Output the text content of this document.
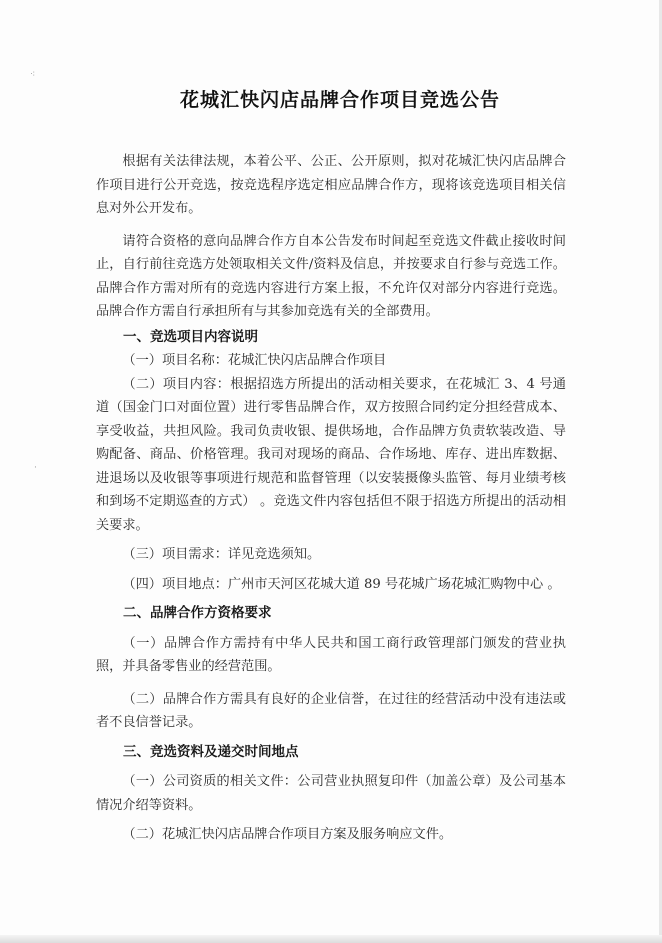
⁖
·
花城汇快闪店品牌合作项目竞选公告

根据有关法律法规，本着公平、公正、公开原则，拟对花城汇快闪店品牌合作项目进行公开竞选，按竞选程序选定相应品牌合作方，现将该竞选项目相关信息对外公开发布。

请符合资格的意向品牌合作方自本公告发布时间起至竞选文件截止接收时间止，自行前往竞选方处领取相关文件/资料及信息，并按要求自行参与竞选工作。品牌合作方需对所有的竞选内容进行方案上报，不允许仅对部分内容进行竞选。品牌合作方需自行承担所有与其参加竞选有关的全部费用。

一、竞选项目内容说明

（一）项目名称：花城汇快闪店品牌合作项目

（二）项目内容：根据招选方所提出的活动相关要求，在花城汇 3、4 号通道（国金门口对面位置）进行零售品牌合作，双方按照合同约定分担经营成本、享受收益，共担风险。我司负责收银、提供场地，合作品牌方负责软装改造、导购配备、商品、价格管理。我司对现场的商品、合作场地、库存、进出库数据、进退场以及收银等事项进行规范和监督管理（以安装摄像头监管、每月业绩考核和到场不定期巡查的方式） 。竞选文件内容包括但不限于招选方所提出的活动相关要求。

（三）项目需求：详见竞选须知。

（四）项目地点：广州市天河区花城大道 89 号花城广场花城汇购物中心 。

二、品牌合作方资格要求

（一）品牌合作方需持有中华人民共和国工商行政管理部门颁发的营业执照，并具备零售业的经营范围。

（二）品牌合作方需具有良好的企业信誉，在过往的经营活动中没有违法或者不良信誉记录。

三、竞选资料及递交时间地点

（一）公司资质的相关文件：公司营业执照复印件（加盖公章）及公司基本情况介绍等资料。

（二）花城汇快闪店品牌合作项目方案及服务响应文件。
